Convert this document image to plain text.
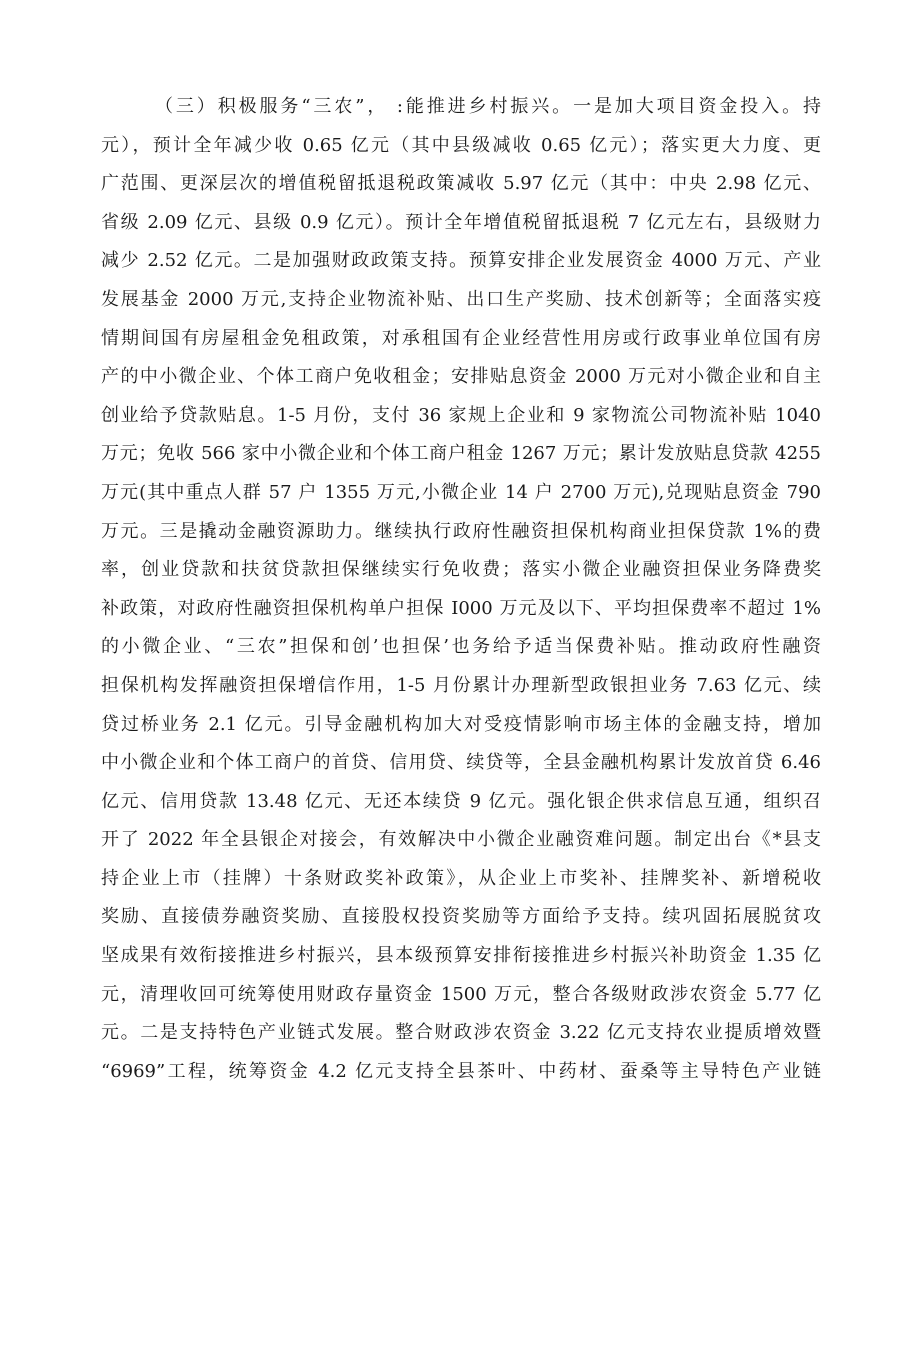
（三）积极服务“三农”， :能推进乡村振兴。一是加大项目资金投入。持
元），预计全年减少收 0.65 亿元（其中县级减收 0.65 亿元）；落实更大力度、更
广范围、更深层次的增值税留抵退税政策减收 5.97 亿元（其中：中央 2.98 亿元、
省级 2.09 亿元、县级 0.9 亿元）。预计全年增值税留抵退税 7 亿元左右，县级财力
减少 2.52 亿元。二是加强财政政策支持。预算安排企业发展资金 4000 万元、产业
发展基金 2000 万元,支持企业物流补贴、出口生产奖励、技术创新等；全面落实疫
情期间国有房屋租金免租政策，对承租国有企业经营性用房或行政事业单位国有房
产的中小微企业、个体工商户免收租金；安排贴息资金 2000 万元对小微企业和自主
创业给予贷款贴息。1-5 月份，支付 36 家规上企业和 9 家物流公司物流补贴 1040
万元；免收 566 家中小微企业和个体工商户租金 1267 万元；累计发放贴息贷款 4255
万元(其中重点人群 57 户 1355 万元,小微企业 14 户 2700 万元),兑现贴息资金 790
万元。三是撬动金融资源助力。继续执行政府性融资担保机构商业担保贷款 1%的费
率，创业贷款和扶贫贷款担保继续实行免收费；落实小微企业融资担保业务降费奖
补政策，对政府性融资担保机构单户担保 I000 万元及以下、平均担保费率不超过 1%
的小微企业、“三农”担保和创’也担保’也务给予适当保费补贴。推动政府性融资
担保机构发挥融资担保增信作用，1-5 月份累计办理新型政银担业务 7.63 亿元、续
贷过桥业务 2.1 亿元。引导金融机构加大对受疫情影响市场主体的金融支持，增加
中小微企业和个体工商户的首贷、信用贷、续贷等，全县金融机构累计发放首贷 6.46
亿元、信用贷款 13.48 亿元、无还本续贷 9 亿元。强化银企供求信息互通，组织召
开了 2022 年全县银企对接会，有效解决中小微企业融资难问题。制定出台《*县支
持企业上市（挂牌）十条财政奖补政策》，从企业上市奖补、挂牌奖补、新增税收
奖励、直接债券融资奖励、直接股权投资奖励等方面给予支持。续巩固拓展脱贫攻
坚成果有效衔接推进乡村振兴，县本级预算安排衔接推进乡村振兴补助资金 1.35 亿
元，清理收回可统筹使用财政存量资金 1500 万元，整合各级财政涉农资金 5.77 亿
元。二是支持特色产业链式发展。整合财政涉农资金 3.22 亿元支持农业提质增效暨
“6969”工程，统筹资金 4.2 亿元支持全县茶叶、中药材、蚕桑等主导特色产业链
